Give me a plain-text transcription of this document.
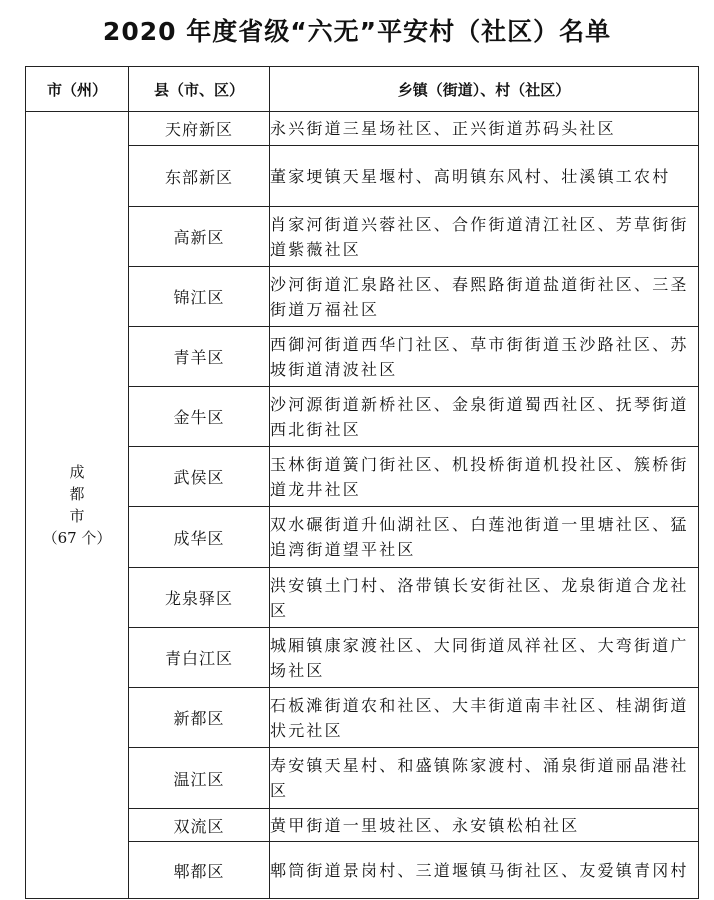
2020 年度省级“六无”平安村（社区）名单
市（州）	县（市、区）	乡镇（街道）、村（社区）

成都市
（67 个）	天府新区	永兴街道三星场社区、正兴街道苏码头社区
	东部新区	董家埂镇天星堰村、高明镇东风村、壮溪镇工农村
	高新区	肖家河街道兴蓉社区、合作街道清江社区、芳草街街道紫薇社区
	锦江区	沙河街道汇泉路社区、春熙路街道盐道街社区、三圣街道万福社区
	青羊区	西御河街道西华门社区、草市街街道玉沙路社区、苏坡街道清波社区
	金牛区	沙河源街道新桥社区、金泉街道蜀西社区、抚琴街道西北街社区
	武侯区	玉林街道簧门街社区、机投桥街道机投社区、簇桥街道龙井社区
	成华区	双水碾街道升仙湖社区、白莲池街道一里塘社区、猛追湾街道望平社区
	龙泉驿区	洪安镇土门村、洛带镇长安街社区、龙泉街道合龙社区
	青白江区	城厢镇康家渡社区、大同街道凤祥社区、大弯街道广场社区
	新都区	石板滩街道农和社区、大丰街道南丰社区、桂湖街道状元社区
	温江区	寿安镇天星村、和盛镇陈家渡村、涌泉街道丽晶港社区
	双流区	黄甲街道一里坡社区、永安镇松柏社区
	郫都区	郫筒街道景岗村、三道堰镇马街社区、友爱镇青冈村
